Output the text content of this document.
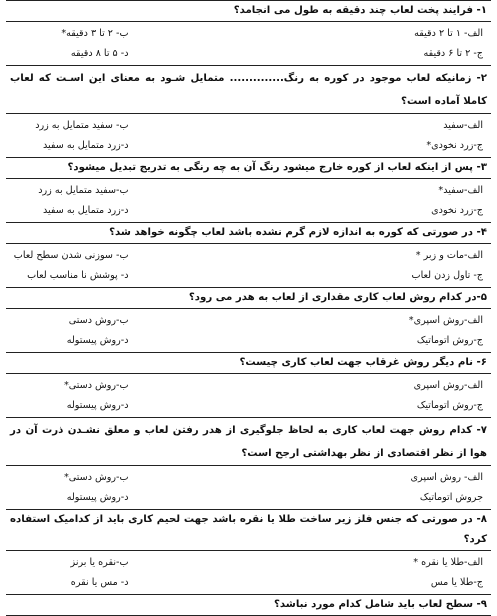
۱- فرایند پخت لعاب چند دقیقه به طول می انجامد؟
الف- ۱ تا ۲ دقیقه
ب- ۲ تا ۳ دقیقه*
ج- ۲ تا ۶ دقیقه
د- ۵ تا ۸ دقیقه
۲- زمانیکه لعاب موجود در کوره به رنگ.............. متمایل شـود به معنای این اسـت که لعاب کاملا آماده است؟
الف-سفید
ب- سفید متمایل به زرد
ج-زرد نخودی*
د-زرد متمایل به سفید
۳- پس از اینکه لعاب از کوره خارج میشود رنگ آن به چه رنگی به تدریج تبدیل میشود؟
الف-سفید*
ب-سفید متمایل به زرد
ج-زرد نخودی
د-زرد متمایل به سفید
۴- در صورتی که کوره به اندازه لازم گرم نشده باشد لعاب چگونه خواهد شد؟
الف-مات و زبر *
ب- سوزنی شدن سطح لعاب
ج- تاول زدن لعاب
د- پوشش نا مناسب لعاب
۵-در کدام روش لعاب کاری مقداری از لعاب به هدر می رود؟
الف-روش اسپری*
ب-روش دستی
ج-روش اتوماتیک
د-روش پیستوله
۶- نام دیگر روش غرقاب جهت لعاب کاری چیست؟
الف-روش اسپری
ب-روش دستی*
ج-روش اتوماتیک
د-روش پیستوله
۷- کدام روش جهت لعاب کاری به لحاظ جلوگیری از هدر رفتن لعاب و معلق نشـدن ذرت آن در هوا از نظر اقتصادی از نظر بهداشتی ارجح است؟
الف- روش اسپری
ب-روش دستی*
جروش اتوماتیک
د-روش پیستوله
۸- در صورتی که جنس فلز زیر ساخت طلا یا نقره باشد جهت لحیم کاری باید از کدامیک استفاده کرد؟
الف-طلا یا نقره *
ب-نقره یا برنز
ج-طلا یا مس
د- مس یا نقره
۹- سطح لعاب باید شامل کدام مورد نباشد؟
